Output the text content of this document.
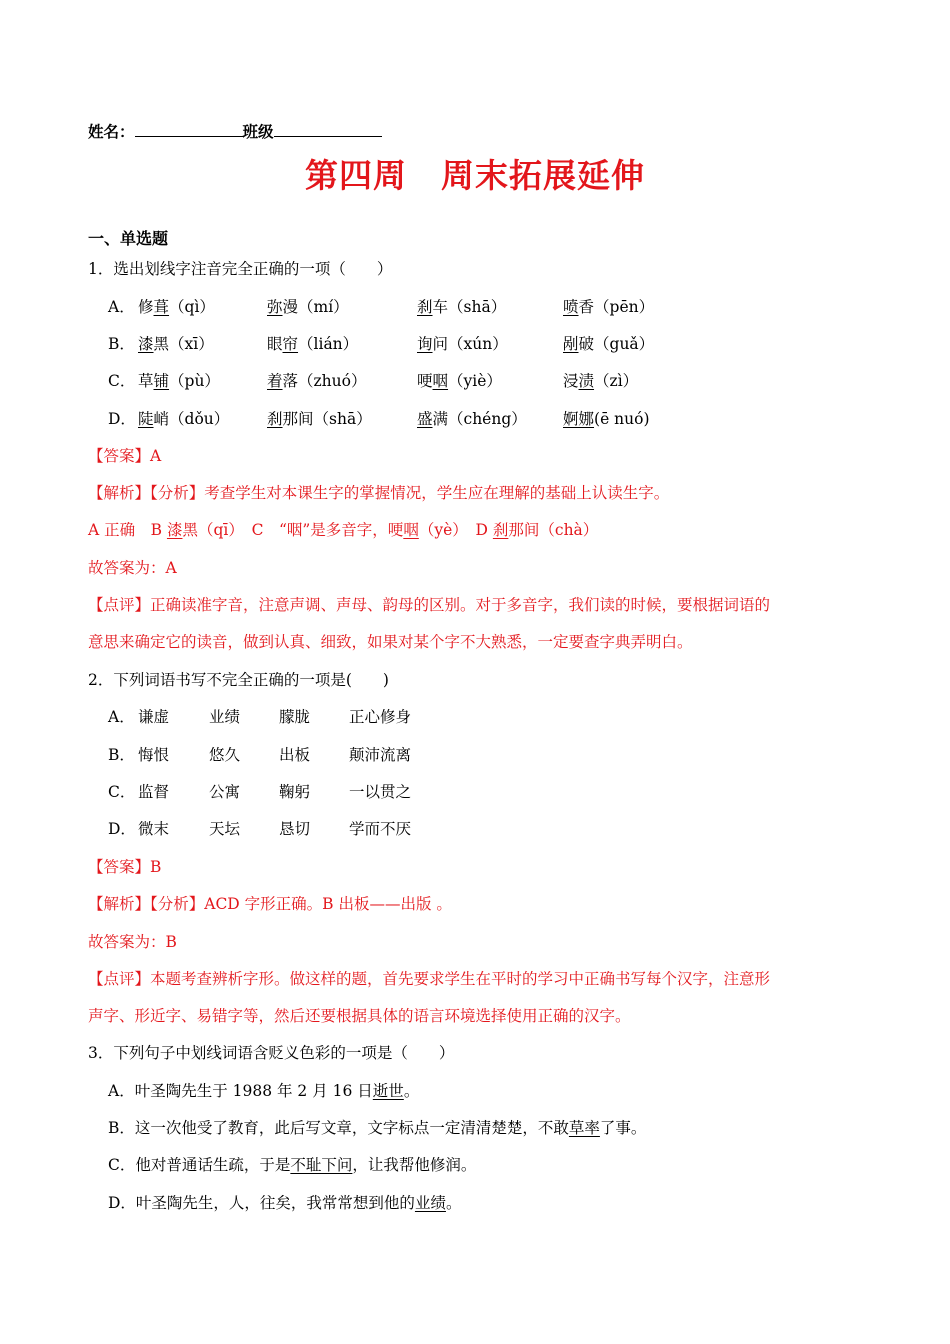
姓名：	班级
第四周　周末拓展延伸
一、单选题
1．选出划线字注音完全正确的一项（　　）
A． 修葺（qì）	弥漫（mí）	刹车（shā）	喷香（pēn）
B． 漆黑（xī）	眼帘（lián）	询问（xún）	剐破（guǎ）
C． 草铺（pù）	着落（zhuó）	哽咽（yiè）	浸渍（zì）
D． 陡峭（dǒu） 刹那间（shā）	盛满（chéng） 婀娜(ē nuó)
【答案】A
【解析】【分析】考查学生对本课生字的掌握情况，学生应在理解的基础上认读生字。
A 正确　B 漆黑（qī）　C　“咽”是多音字，哽咽（yè）　D 刹那间（chà）
故答案为：A
【点评】正确读准字音，注意声调、声母、韵母的区别。对于多音字，我们读的时候，要根据词语的
意思来确定它的读音，做到认真、细致，如果对某个字不大熟悉，一定要查字典弄明白。
2．下列词语书写不完全正确的一项是(　　)
A． 谦虚	业绩	朦胧	正心修身
B． 悔恨	悠久	出板	颠沛流离
C． 监督	公寓	鞠躬	一以贯之
D． 微末	天坛	恳切	学而不厌
【答案】B
【解析】【分析】ACD 字形正确。B 出板——出版 。
故答案为：B
【点评】本题考查辨析字形。做这样的题，首先要求学生在平时的学习中正确书写每个汉字，注意形
声字、形近字、易错字等，然后还要根据具体的语言环境选择使用正确的汉字。
3．下列句子中划线词语含贬义色彩的一项是（　　）
A．叶圣陶先生于 1988 年 2 月 16 日逝世。
B．这一次他受了教育，此后写文章，文字标点一定清清楚楚，不敢草率了事。
C．他对普通话生疏，于是不耻下问，让我帮他修润。
D．叶圣陶先生，人，往矣，我常常想到他的业绩。
